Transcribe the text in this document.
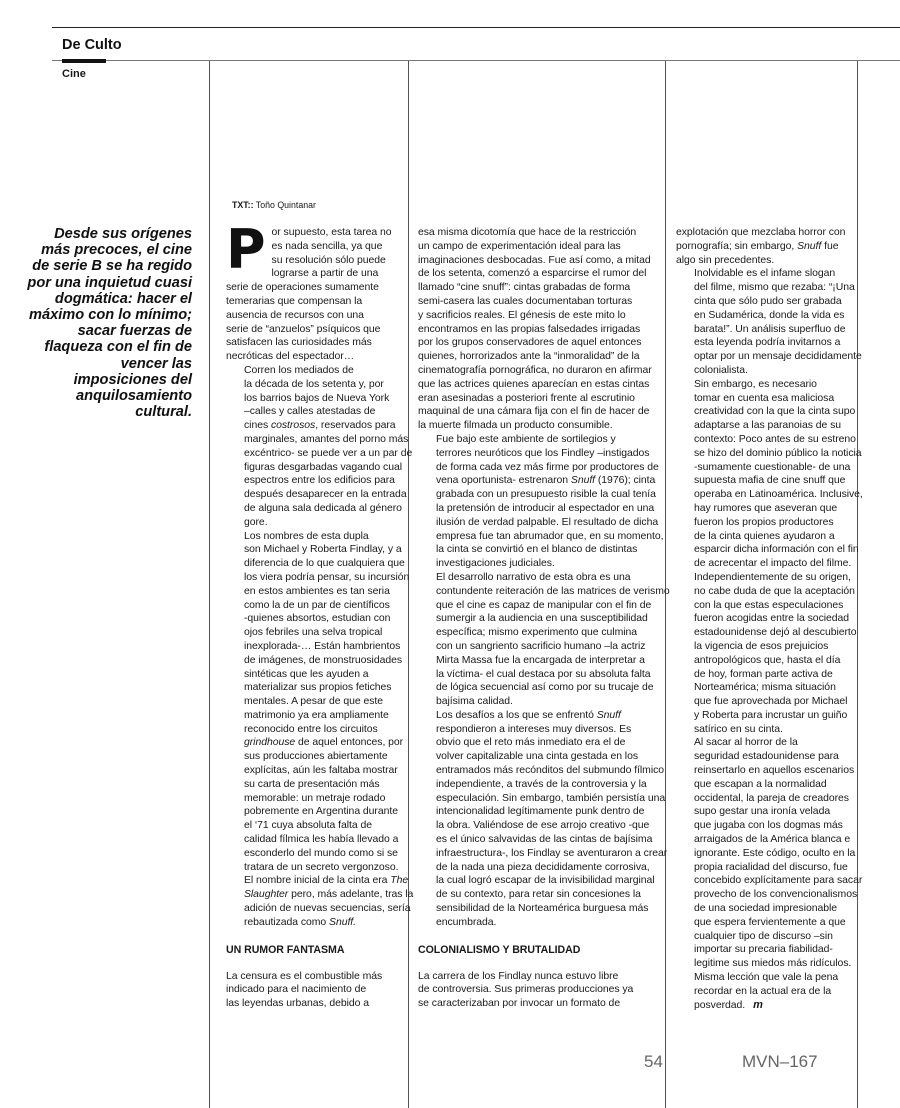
De Culto
Cine
Desde sus orígenes más precoces, el cine de serie B se ha regido por una inquietud cuasi dogmática: hacer el máximo con lo mínimo; sacar fuerzas de flaqueza con el fin de vencer las imposiciones del anquilosamiento cultural.
TXT:: Toño Quintanar

P or supuesto, esta tarea no
es nada sencilla, ya que
su resolución sólo puede
lograrse a partir de una
serie de operaciones sumamente
temerarias que compensan la
ausencia de recursos con una
serie de “anzuelos” psíquicos que
satisfacen las curiosidades más
necróticas del espectador…

Corren los mediados de
la década de los setenta y, por
los barrios bajos de Nueva York
–calles y calles atestadas de
cines costrosos, reservados para
marginales, amantes del porno más
excéntrico- se puede ver a un par de
figuras desgarbadas vagando cual
espectros entre los edificios para
después desaparecer en la entrada
de alguna sala dedicada al género
gore.

Los nombres de esta dupla
son Michael y Roberta Findlay, y a
diferencia de lo que cualquiera que
los viera podría pensar, su incursión
en estos ambientes es tan seria
como la de un par de científicos
-quienes absortos, estudian con
ojos febriles una selva tropical
inexplorada-… Están hambrientos
de imágenes, de monstruosidades
sintéticas que les ayuden a
materializar sus propios fetiches
mentales. A pesar de que este
matrimonio ya era ampliamente
reconocido entre los circuitos
grindhouse de aquel entonces, por
sus producciones abiertamente
explícitas, aún les faltaba mostrar
su carta de presentación más
memorable: un metraje rodado
pobremente en Argentina durante
el ‘71 cuya absoluta falta de
calidad fílmica les había llevado a
esconderlo del mundo como si se
tratara de un secreto vergonzoso.
El nombre inicial de la cinta era The
Slaughter pero, más adelante, tras la
adición de nuevas secuencias, sería
rebautizada como Snuff.

UN RUMOR FANTASMA

La censura es el combustible más
indicado para el nacimiento de
las leyendas urbanas, debido a

esa misma dicotomía que hace de la restricción
un campo de experimentación ideal para las
imaginaciones desbocadas. Fue así como, a mitad
de los setenta, comenzó a esparcirse el rumor del
llamado “cine snuff”: cintas grabadas de forma
semi-casera las cuales documentaban torturas
y sacrificios reales. El génesis de este mito lo
encontramos en las propias falsedades irrigadas
por los grupos conservadores de aquel entonces
quienes, horrorizados ante la “inmoralidad” de la
cinematografía pornográfica, no duraron en afirmar
que las actrices quienes aparecían en estas cintas
eran asesinadas a posteriori frente al escrutinio
maquinal de una cámara fija con el fin de hacer de
la muerte filmada un producto consumible.

Fue bajo este ambiente de sortilegios y
terrores neuróticos que los Findley –instigados
de forma cada vez más firme por productores de
vena oportunista- estrenaron Snuff (1976); cinta
grabada con un presupuesto risible la cual tenía
la pretensión de introducir al espectador en una
ilusión de verdad palpable. El resultado de dicha
empresa fue tan abrumador que, en su momento,
la cinta se convirtió en el blanco de distintas
investigaciones judiciales.

El desarrollo narrativo de esta obra es una
contundente reiteración de las matrices de verismo
que el cine es capaz de manipular con el fin de
sumergir a la audiencia en una susceptibilidad
específica; mismo experimento que culmina
con un sangriento sacrificio humano –la actriz
Mirta Massa fue la encargada de interpretar a
la víctima- el cual destaca por su absoluta falta
de lógica secuencial así como por su trucaje de
bajísima calidad.

Los desafíos a los que se enfrentó Snuff
respondieron a intereses muy diversos. Es
obvio que el reto más inmediato era el de
volver capitalizable una cinta gestada en los
entramados más recónditos del submundo fílmico
independiente, a través de la controversia y la
especulación. Sin embargo, también persistía una
intencionalidad legítimamente punk dentro de
la obra. Valiéndose de ese arrojo creativo -que
es el único salvavidas de las cintas de bajísima
infraestructura-, los Findlay se aventuraron a crear
de la nada una pieza decididamente corrosiva,
la cual logró escapar de la invisibilidad marginal
de su contexto, para retar sin concesiones la
sensibilidad de la Norteamérica burguesa más
encumbrada.

COLONIALISMO Y BRUTALIDAD

La carrera de los Findlay nunca estuvo libre
de controversia. Sus primeras producciones ya
se caracterizaban por invocar un formato de

explotación que mezclaba horror con
pornografía; sin embargo, Snuff fue
algo sin precedentes.

Inolvidable es el infame slogan
del filme, mismo que rezaba: “¡Una
cinta que sólo pudo ser grabada
en Sudamérica, donde la vida es
barata!”. Un análisis superfluo de
esta leyenda podría invitarnos a
optar por un mensaje decididamente
colonialista.

Sin embargo, es necesario
tomar en cuenta esa maliciosa
creatividad con la que la cinta supo
adaptarse a las paranoias de su
contexto: Poco antes de su estreno
se hizo del dominio público la noticia
-sumamente cuestionable- de una
supuesta mafia de cine snuff que
operaba en Latinoamérica. Inclusive,
hay rumores que aseveran que
fueron los propios productores
de la cinta quienes ayudaron a
esparcir dicha información con el fin
de acrecentar el impacto del filme.
Independientemente de su origen,
no cabe duda de que la aceptación
con la que estas especulaciones
fueron acogidas entre la sociedad
estadounidense dejó al descubierto
la vigencia de esos prejuicios
antropológicos que, hasta el día
de hoy, forman parte activa de
Norteamérica; misma situación
que fue aprovechada por Michael
y Roberta para incrustar un guiño
satírico en su cinta.

Al sacar al horror de la
seguridad estadounidense para
reinsertarlo en aquellos escenarios
que escapan a la normalidad
occidental, la pareja de creadores
supo gestar una ironía velada
que jugaba con los dogmas más
arraigados de la América blanca e
ignorante. Este código, oculto en la
propia racialidad del discurso, fue
concebido explícitamente para sacar
provecho de los convencionalismos
de una sociedad impresionable
que espera fervientemente a que
cualquier tipo de discurso –sin
importar su precaria fiabilidad-
legitime sus miedos más ridículos.
Misma lección que vale la pena
recordar en la actual era de la
posverdad. m

54	MVN–167
